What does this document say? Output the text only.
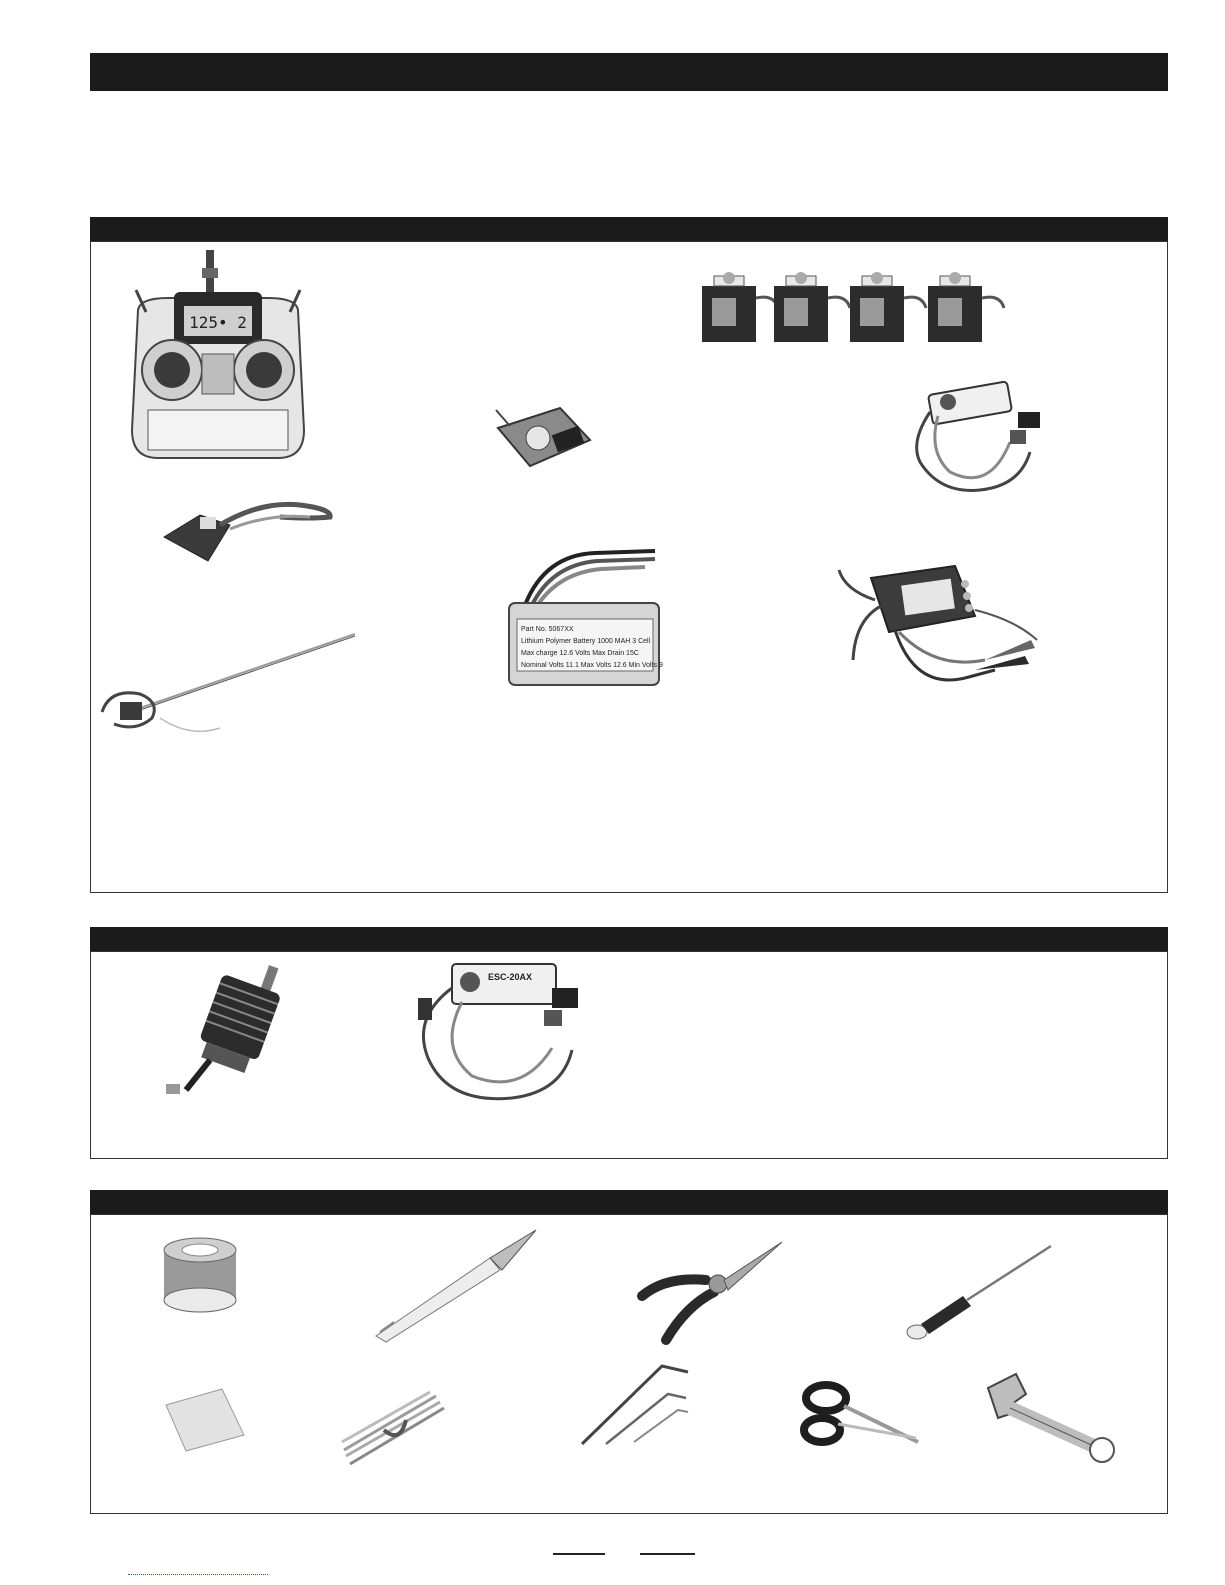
125• 2
Part No. 5067XX
Lithium Polymer Battery 1000 MAH 3 Cell
Max charge 12.6 Volts Max Drain 15C
Nominal Volts 11.1 Max Volts 12.6 Min Volts 9
ESC-20AX
